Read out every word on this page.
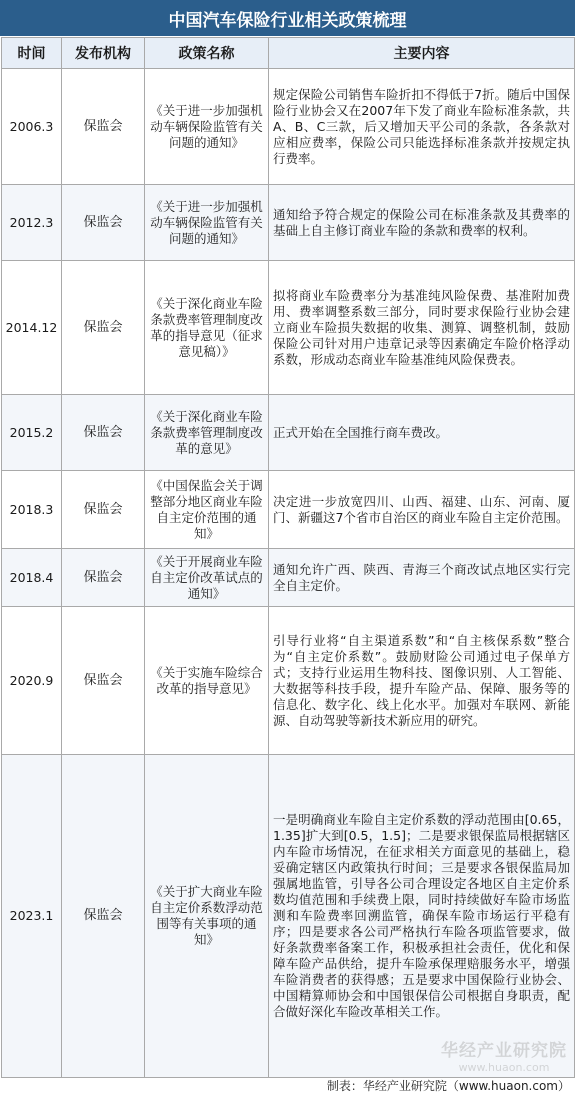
中国汽车保险行业相关政策梳理
时间	发布机构	政策名称	主要内容
2006.3	保监会	《关于进一步加强机动车辆保险监管有关问题的通知》	规定保险公司销售车险折扣不得低于7折。随后中国保险行业协会又在2007年下发了商业车险标准条款，共A、B、C三款，后又增加天平公司的条款，各条款对应相应费率，保险公司只能选择标准条款并按规定执行费率。
2012.3	保监会	《关于进一步加强机动车辆保险监管有关问题的通知》	通知给予符合规定的保险公司在标准条款及其费率的基础上自主修订商业车险的条款和费率的权利。
2014.12	保监会	《关于深化商业车险条款费率管理制度改革的指导意见（征求意见稿）》	拟将商业车险费率分为基准纯风险保费、基准附加费用、费率调整系数三部分，同时要求保险行业协会建立商业车险损失数据的收集、测算、调整机制，鼓励保险公司针对用户违章记录等因素确定车险价格浮动系数，形成动态商业车险基准纯风险保费表。
2015.2	保监会	《关于深化商业车险条款费率管理制度改革的意见》	正式开始在全国推行商车费改。
2018.3	保监会	《中国保监会关于调整部分地区商业车险自主定价范围的通知》	决定进一步放宽四川、山西、福建、山东、河南、厦门、新疆这7个省市自治区的商业车险自主定价范围。
2018.4	保监会	《关于开展商业车险自主定价改革试点的通知》	通知允许广西、陕西、青海三个商改试点地区实行完全自主定价。
2020.9	保监会	《关于实施车险综合改革的指导意见》	引导行业将“自主渠道系数”和“自主核保系数”整合为“自主定价系数”。鼓励财险公司通过电子保单方式；支持行业运用生物科技、图像识别、人工智能、大数据等科技手段，提升车险产品、保障、服务等的信息化、数字化、线上化水平。加强对车联网、新能源、自动驾驶等新技术新应用的研究。
2023.1	保监会	《关于扩大商业车险自主定价系数浮动范围等有关事项的通知》	一是明确商业车险自主定价系数的浮动范围由[0.65，1.35]扩大到[0.5，1.5]；二是要求银保监局根据辖区内车险市场情况，在征求相关方面意见的基础上，稳妥确定辖区内政策执行时间；三是要求各银保监局加强属地监管，引导各公司合理设定各地区自主定价系数均值范围和手续费上限，同时持续做好车险市场监测和车险费率回溯监管，确保车险市场运行平稳有序；四是要求各公司严格执行车险各项监管要求，做好条款费率备案工作，积极承担社会责任，优化和保障车险产品供给，提升车险承保理赔服务水平，增强车险消费者的获得感；五是要求中国保险行业协会、中国精算师协会和中国银保信公司根据自身职责，配合做好深化车险改革相关工作。
华经产业研究院
www.huaon.com
制表：华经产业研究院（www.huaon.com）
